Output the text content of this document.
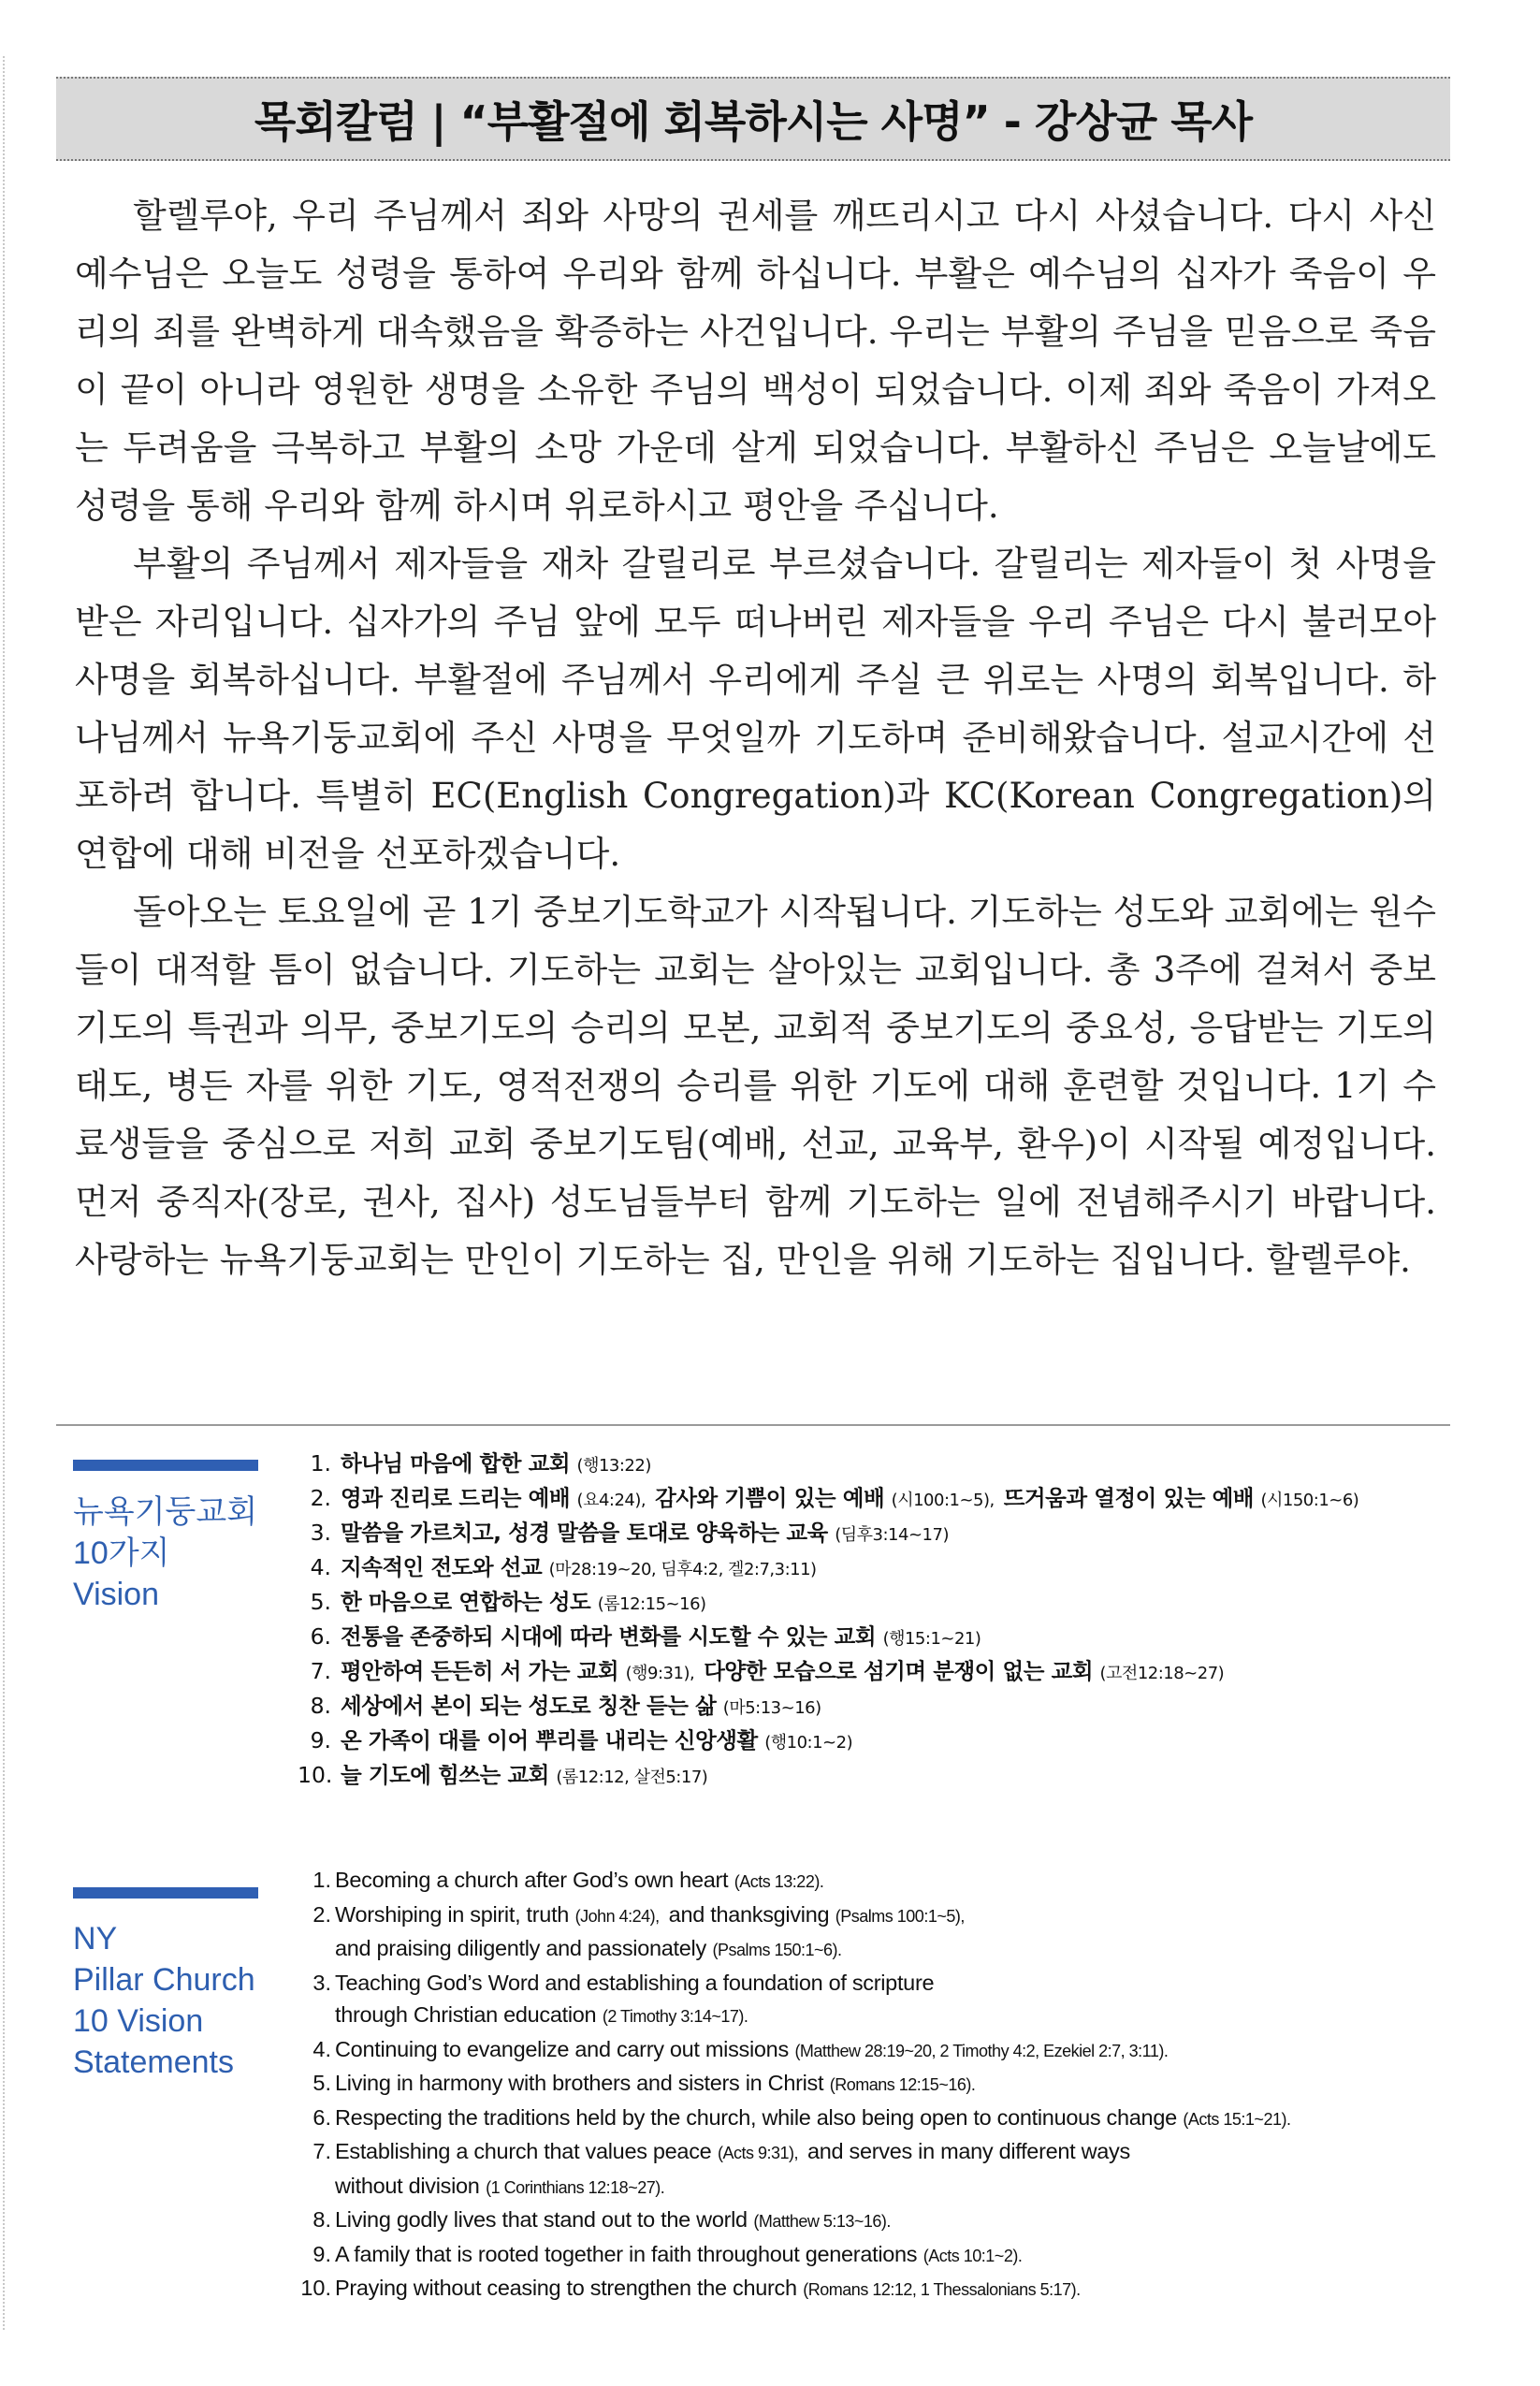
목회칼럼 | “부활절에 회복하시는 사명” - 강상균 목사

할렐루야, 우리 주님께서 죄와 사망의 권세를 깨뜨리시고 다시 사셨습니다. 다시 사신 예수님은 오늘도 성령을 통하여 우리와 함께 하십니다. 부활은 예수님의 십자가 죽음이 우리의 죄를 완벽하게 대속했음을 확증하는 사건입니다. 우리는 부활의 주님을 믿음으로 죽음이 끝이 아니라 영원한 생명을 소유한 주님의 백성이 되었습니다. 이제 죄와 죽음이 가져오는 두려움을 극복하고 부활의 소망 가운데 살게 되었습니다. 부활하신 주님은 오늘날에도 성령을 통해 우리와 함께 하시며 위로하시고 평안을 주십니다.

부활의 주님께서 제자들을 재차 갈릴리로 부르셨습니다. 갈릴리는 제자들이 첫 사명을 받은 자리입니다. 십자가의 주님 앞에 모두 떠나버린 제자들을 우리 주님은 다시 불러모아 사명을 회복하십니다. 부활절에 주님께서 우리에게 주실 큰 위로는 사명의 회복입니다. 하나님께서 뉴욕기둥교회에 주신 사명을 무엇일까 기도하며 준비해왔습니다. 설교시간에 선포하려 합니다. 특별히 EC(English Congregation)과 KC(Korean Congregation)의 연합에 대해 비전을 선포하겠습니다.

돌아오는 토요일에 곧 1기 중보기도학교가 시작됩니다. 기도하는 성도와 교회에는 원수들이 대적할 틈이 없습니다. 기도하는 교회는 살아있는 교회입니다. 총 3주에 걸쳐서 중보기도의 특권과 의무, 중보기도의 승리의 모본, 교회적 중보기도의 중요성, 응답받는 기도의 태도, 병든 자를 위한 기도, 영적전쟁의 승리를 위한 기도에 대해 훈련할 것입니다. 1기 수료생들을 중심으로 저희 교회 중보기도팀(예배, 선교, 교육부, 환우)이 시작될 예정입니다. 먼저 중직자(장로, 권사, 집사) 성도님들부터 함께 기도하는 일에 전념해주시기 바랍니다. 사랑하는 뉴욕기둥교회는 만인이 기도하는 집, 만인을 위해 기도하는 집입니다. 할렐루야.

뉴욕기둥교회
10가지
Vision
1. 하나님 마음에 합한 교회 (행13:22)
2. 영과 진리로 드리는 예배 (요4:24), 감사와 기쁨이 있는 예배 (시100:1~5), 뜨거움과 열정이 있는 예배 (시150:1~6)
3. 말씀을 가르치고, 성경 말씀을 토대로 양육하는 교육 (딤후3:14~17)
4. 지속적인 전도와 선교 (마28:19~20, 딤후4:2, 겔2:7,3:11)
5. 한 마음으로 연합하는 성도 (롬12:15~16)
6. 전통을 존중하되 시대에 따라 변화를 시도할 수 있는 교회 (행15:1~21)
7. 평안하여 든든히 서 가는 교회 (행9:31), 다양한 모습으로 섬기며 분쟁이 없는 교회 (고전12:18~27)
8. 세상에서 본이 되는 성도로 칭찬 듣는 삶 (마5:13~16)
9. 온 가족이 대를 이어 뿌리를 내리는 신앙생활 (행10:1~2)
10. 늘 기도에 힘쓰는 교회 (롬12:12, 살전5:17)
NY
Pillar Church
10 Vision
Statements
1. Becoming a church after God’s own heart (Acts 13:22).
2. Worshiping in spirit, truth (John 4:24), and thanksgiving (Psalms 100:1~5),
and praising diligently and passionately (Psalms 150:1~6).
3. Teaching God’s Word and establishing a foundation of scripture
through Christian education (2 Timothy 3:14~17).
4. Continuing to evangelize and carry out missions (Matthew 28:19~20, 2 Timothy 4:2, Ezekiel 2:7, 3:11).
5. Living in harmony with brothers and sisters in Christ (Romans 12:15~16).
6. Respecting the traditions held by the church, while also being open to continuous change (Acts 15:1~21).
7. Establishing a church that values peace (Acts 9:31), and serves in many different ways
without division (1 Corinthians 12:18~27).
8. Living godly lives that stand out to the world (Matthew 5:13~16).
9. A family that is rooted together in faith throughout generations (Acts 10:1~2).
10. Praying without ceasing to strengthen the church (Romans 12:12, 1 Thessalonians 5:17).
